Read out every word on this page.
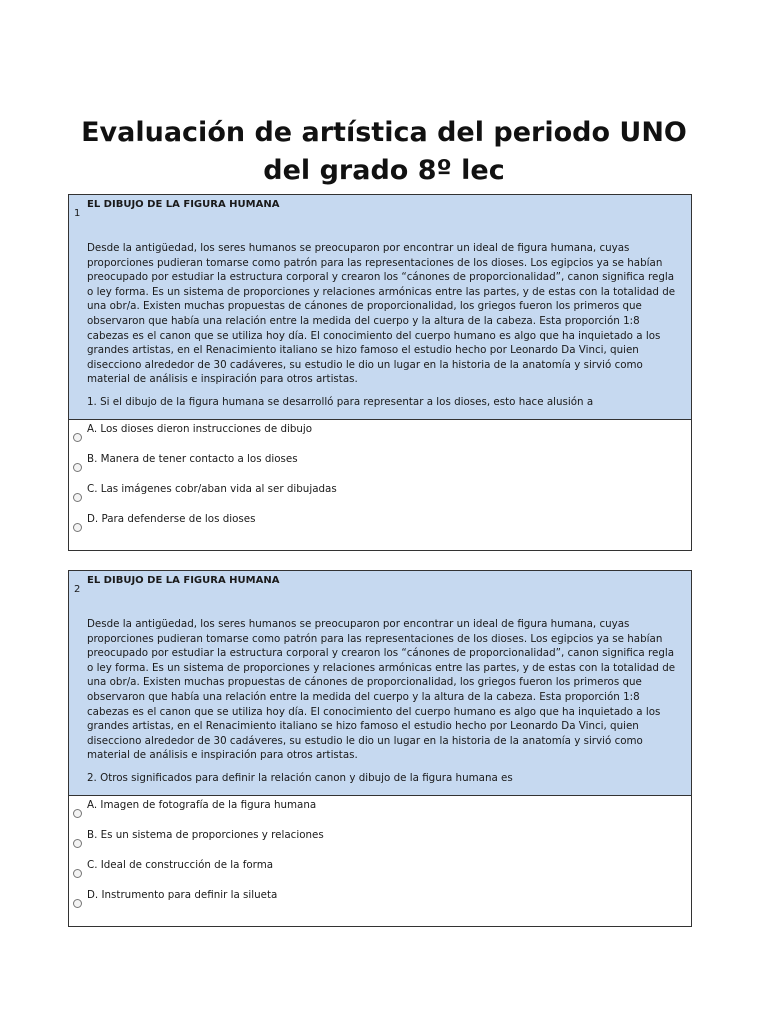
Evaluación de artística del periodo UNO
del grado 8º lec
1
EL DIBUJO DE LA FIGURA HUMANA
Desde la antigüedad, los seres humanos se preocuparon por encontrar un ideal de figura humana, cuyas proporciones pudieran tomarse como patrón para las representaciones de los dioses. Los egipcios ya se habían preocupado por estudiar la estructura corporal y crearon los “cánones de proporcionalidad”, canon significa regla o ley forma. Es un sistema de proporciones y relaciones armónicas entre las partes, y de estas con la totalidad de una obr/a. Existen muchas propuestas de cánones de proporcionalidad, los griegos fueron los primeros que observaron que había una relación entre la medida del cuerpo y la altura de la cabeza. Esta proporción 1:8 cabezas es el canon que se utiliza hoy día. El conocimiento del cuerpo humano es algo que ha inquietado a los grandes artistas, en el Renacimiento italiano se hizo famoso el estudio hecho por Leonardo Da Vinci, quien disecciono alrededor de 30 cadáveres, su estudio le dio un lugar en la historia de la anatomía y sirvió como material de análisis e inspiración para otros artistas.
1. Si el dibujo de la figura humana se desarrolló para representar a los dioses, esto hace alusión a
A. Los dioses dieron instrucciones de dibujo
B. Manera de tener contacto a los dioses
C. Las imágenes cobr/aban vida al ser dibujadas
D. Para defenderse de los dioses
2
EL DIBUJO DE LA FIGURA HUMANA
Desde la antigüedad, los seres humanos se preocuparon por encontrar un ideal de figura humana, cuyas proporciones pudieran tomarse como patrón para las representaciones de los dioses. Los egipcios ya se habían preocupado por estudiar la estructura corporal y crearon los “cánones de proporcionalidad”, canon significa regla o ley forma. Es un sistema de proporciones y relaciones armónicas entre las partes, y de estas con la totalidad de una obr/a. Existen muchas propuestas de cánones de proporcionalidad, los griegos fueron los primeros que observaron que había una relación entre la medida del cuerpo y la altura de la cabeza. Esta proporción 1:8 cabezas es el canon que se utiliza hoy día. El conocimiento del cuerpo humano es algo que ha inquietado a los grandes artistas, en el Renacimiento italiano se hizo famoso el estudio hecho por Leonardo Da Vinci, quien disecciono alrededor de 30 cadáveres, su estudio le dio un lugar en la historia de la anatomía y sirvió como material de análisis e inspiración para otros artistas.
2. Otros significados para definir la relación canon y dibujo de la figura humana es
A. Imagen de fotografía de la figura humana
B. Es un sistema de proporciones y relaciones
C. Ideal de construcción de la forma
D. Instrumento para definir la silueta
